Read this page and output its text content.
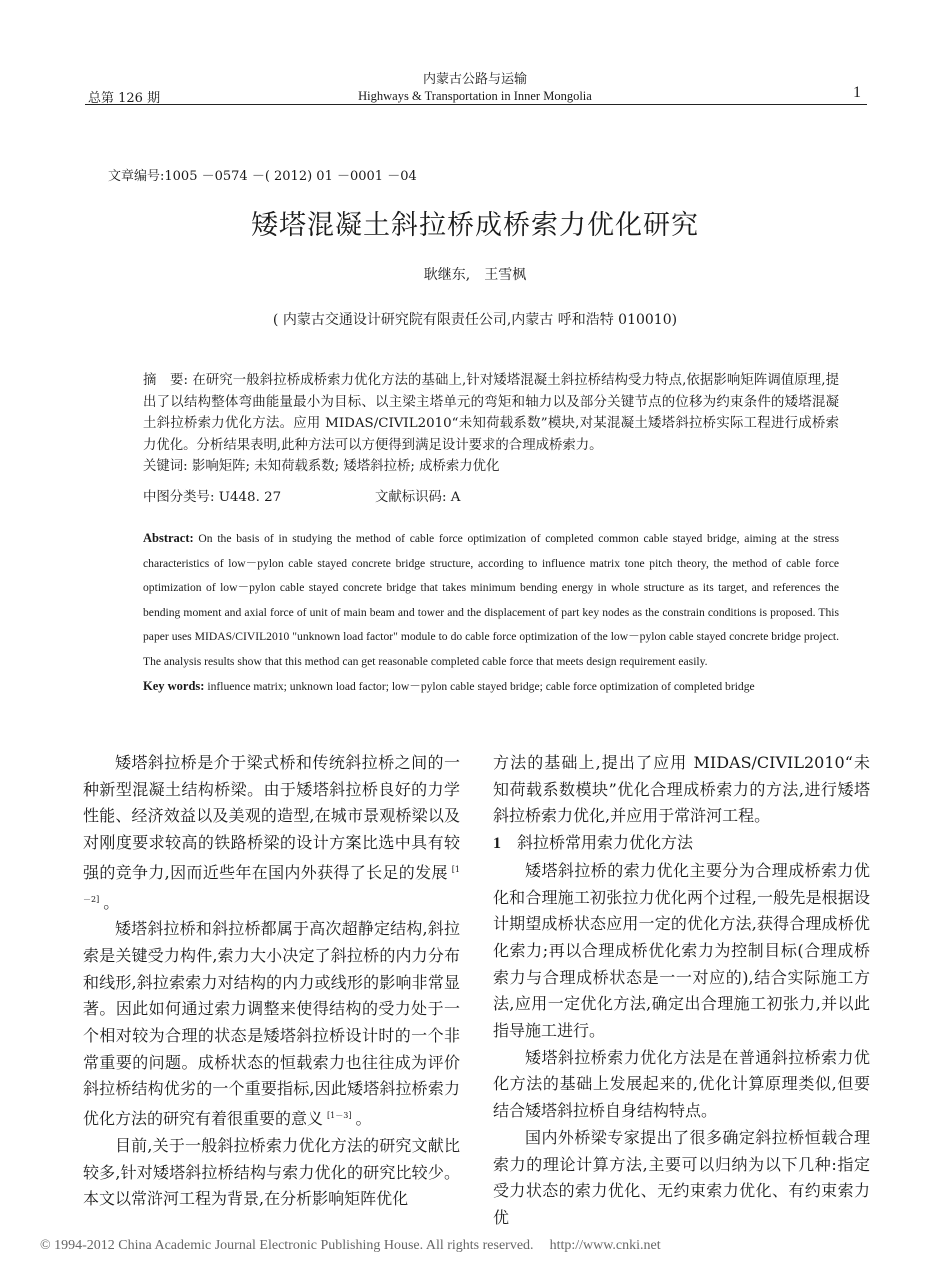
总第 126 期
内蒙古公路与运输
Highways & Transportation in Inner Mongolia	1
文章编号:1005 －0574 －( 2012) 01 －0001 －04
矮塔混凝土斜拉桥成桥索力优化研究
耿继东,　王雪枫
( 内蒙古交通设计研究院有限责任公司,内蒙古 呼和浩特 010010)
摘　要: 在研究一般斜拉桥成桥索力优化方法的基础上,针对矮塔混凝土斜拉桥结构受力特点,依据影响矩阵调值原理,提出了以结构整体弯曲能量最小为目标、以主梁主塔单元的弯矩和轴力以及部分关键节点的位移为约束条件的矮塔混凝土斜拉桥索力优化方法。应用 MIDAS/CIVIL2010“未知荷载系数”模块,对某混凝土矮塔斜拉桥实际工程进行成桥索力优化。分析结果表明,此种方法可以方便得到满足设计要求的合理成桥索力。
关键词: 影响矩阵; 未知荷载系数; 矮塔斜拉桥; 成桥索力优化
中图分类号: U448. 27	文献标识码: A
Abstract: On the basis of in studying the method of cable force optimization of completed common cable stayed bridge, aiming at the stress characteristics of low－pylon cable stayed concrete bridge structure, according to influence matrix tone pitch theory, the method of cable force optimization of low－pylon cable stayed concrete bridge that takes minimum bending energy in whole structure as its target, and references the bending moment and axial force of unit of main beam and tower and the displacement of part key nodes as the constrain conditions is proposed. This paper uses MIDAS/CIVIL2010 "unknown load factor" module to do cable force optimization of the low－pylon cable stayed concrete bridge project. The analysis results show that this method can get reasonable completed cable force that meets design requirement easily.
Key words: influence matrix; unknown load factor; low－pylon cable stayed bridge; cable force optimization of completed bridge

矮塔斜拉桥是介于梁式桥和传统斜拉桥之间的一种新型混凝土结构桥梁。由于矮塔斜拉桥良好的力学性能、经济效益以及美观的造型,在城市景观桥梁以及对刚度要求较高的铁路桥梁的设计方案比选中具有较强的竞争力,因而近些年在国内外获得了长足的发展 [1－2] 。

矮塔斜拉桥和斜拉桥都属于高次超静定结构,斜拉索是关键受力构件,索力大小决定了斜拉桥的内力分布和线形,斜拉索索力对结构的内力或线形的影响非常显著。因此如何通过索力调整来使得结构的受力处于一个相对较为合理的状态是矮塔斜拉桥设计时的一个非常重要的问题。成桥状态的恒载索力也往往成为评价斜拉桥结构优劣的一个重要指标,因此矮塔斜拉桥索力优化方法的研究有着很重要的意义 [1－3] 。

目前,关于一般斜拉桥索力优化方法的研究文献比较多,针对矮塔斜拉桥结构与索力优化的研究比较少。本文以常浒河工程为背景,在分析影响矩阵优化

方法的基础上,提出了应用 MIDAS/CIVIL2010“未知荷载系数模块”优化合理成桥索力的方法,进行矮塔斜拉桥索力优化,并应用于常浒河工程。

1 斜拉桥常用索力优化方法

矮塔斜拉桥的索力优化主要分为合理成桥索力优化和合理施工初张拉力优化两个过程,一般先是根据设计期望成桥状态应用一定的优化方法,获得合理成桥优化索力;再以合理成桥优化索力为控制目标(合理成桥索力与合理成桥状态是一一对应的),结合实际施工方法,应用一定优化方法,确定出合理施工初张力,并以此指导施工进行。

矮塔斜拉桥索力优化方法是在普通斜拉桥索力优化方法的基础上发展起来的,优化计算原理类似,但要结合矮塔斜拉桥自身结构特点。

国内外桥梁专家提出了很多确定斜拉桥恒载合理索力的理论计算方法,主要可以归纳为以下几种:指定受力状态的索力优化、无约束索力优化、有约束索力优

© 1994-2012 China Academic Journal Electronic Publishing House. All rights reserved. http://www.cnki.net
